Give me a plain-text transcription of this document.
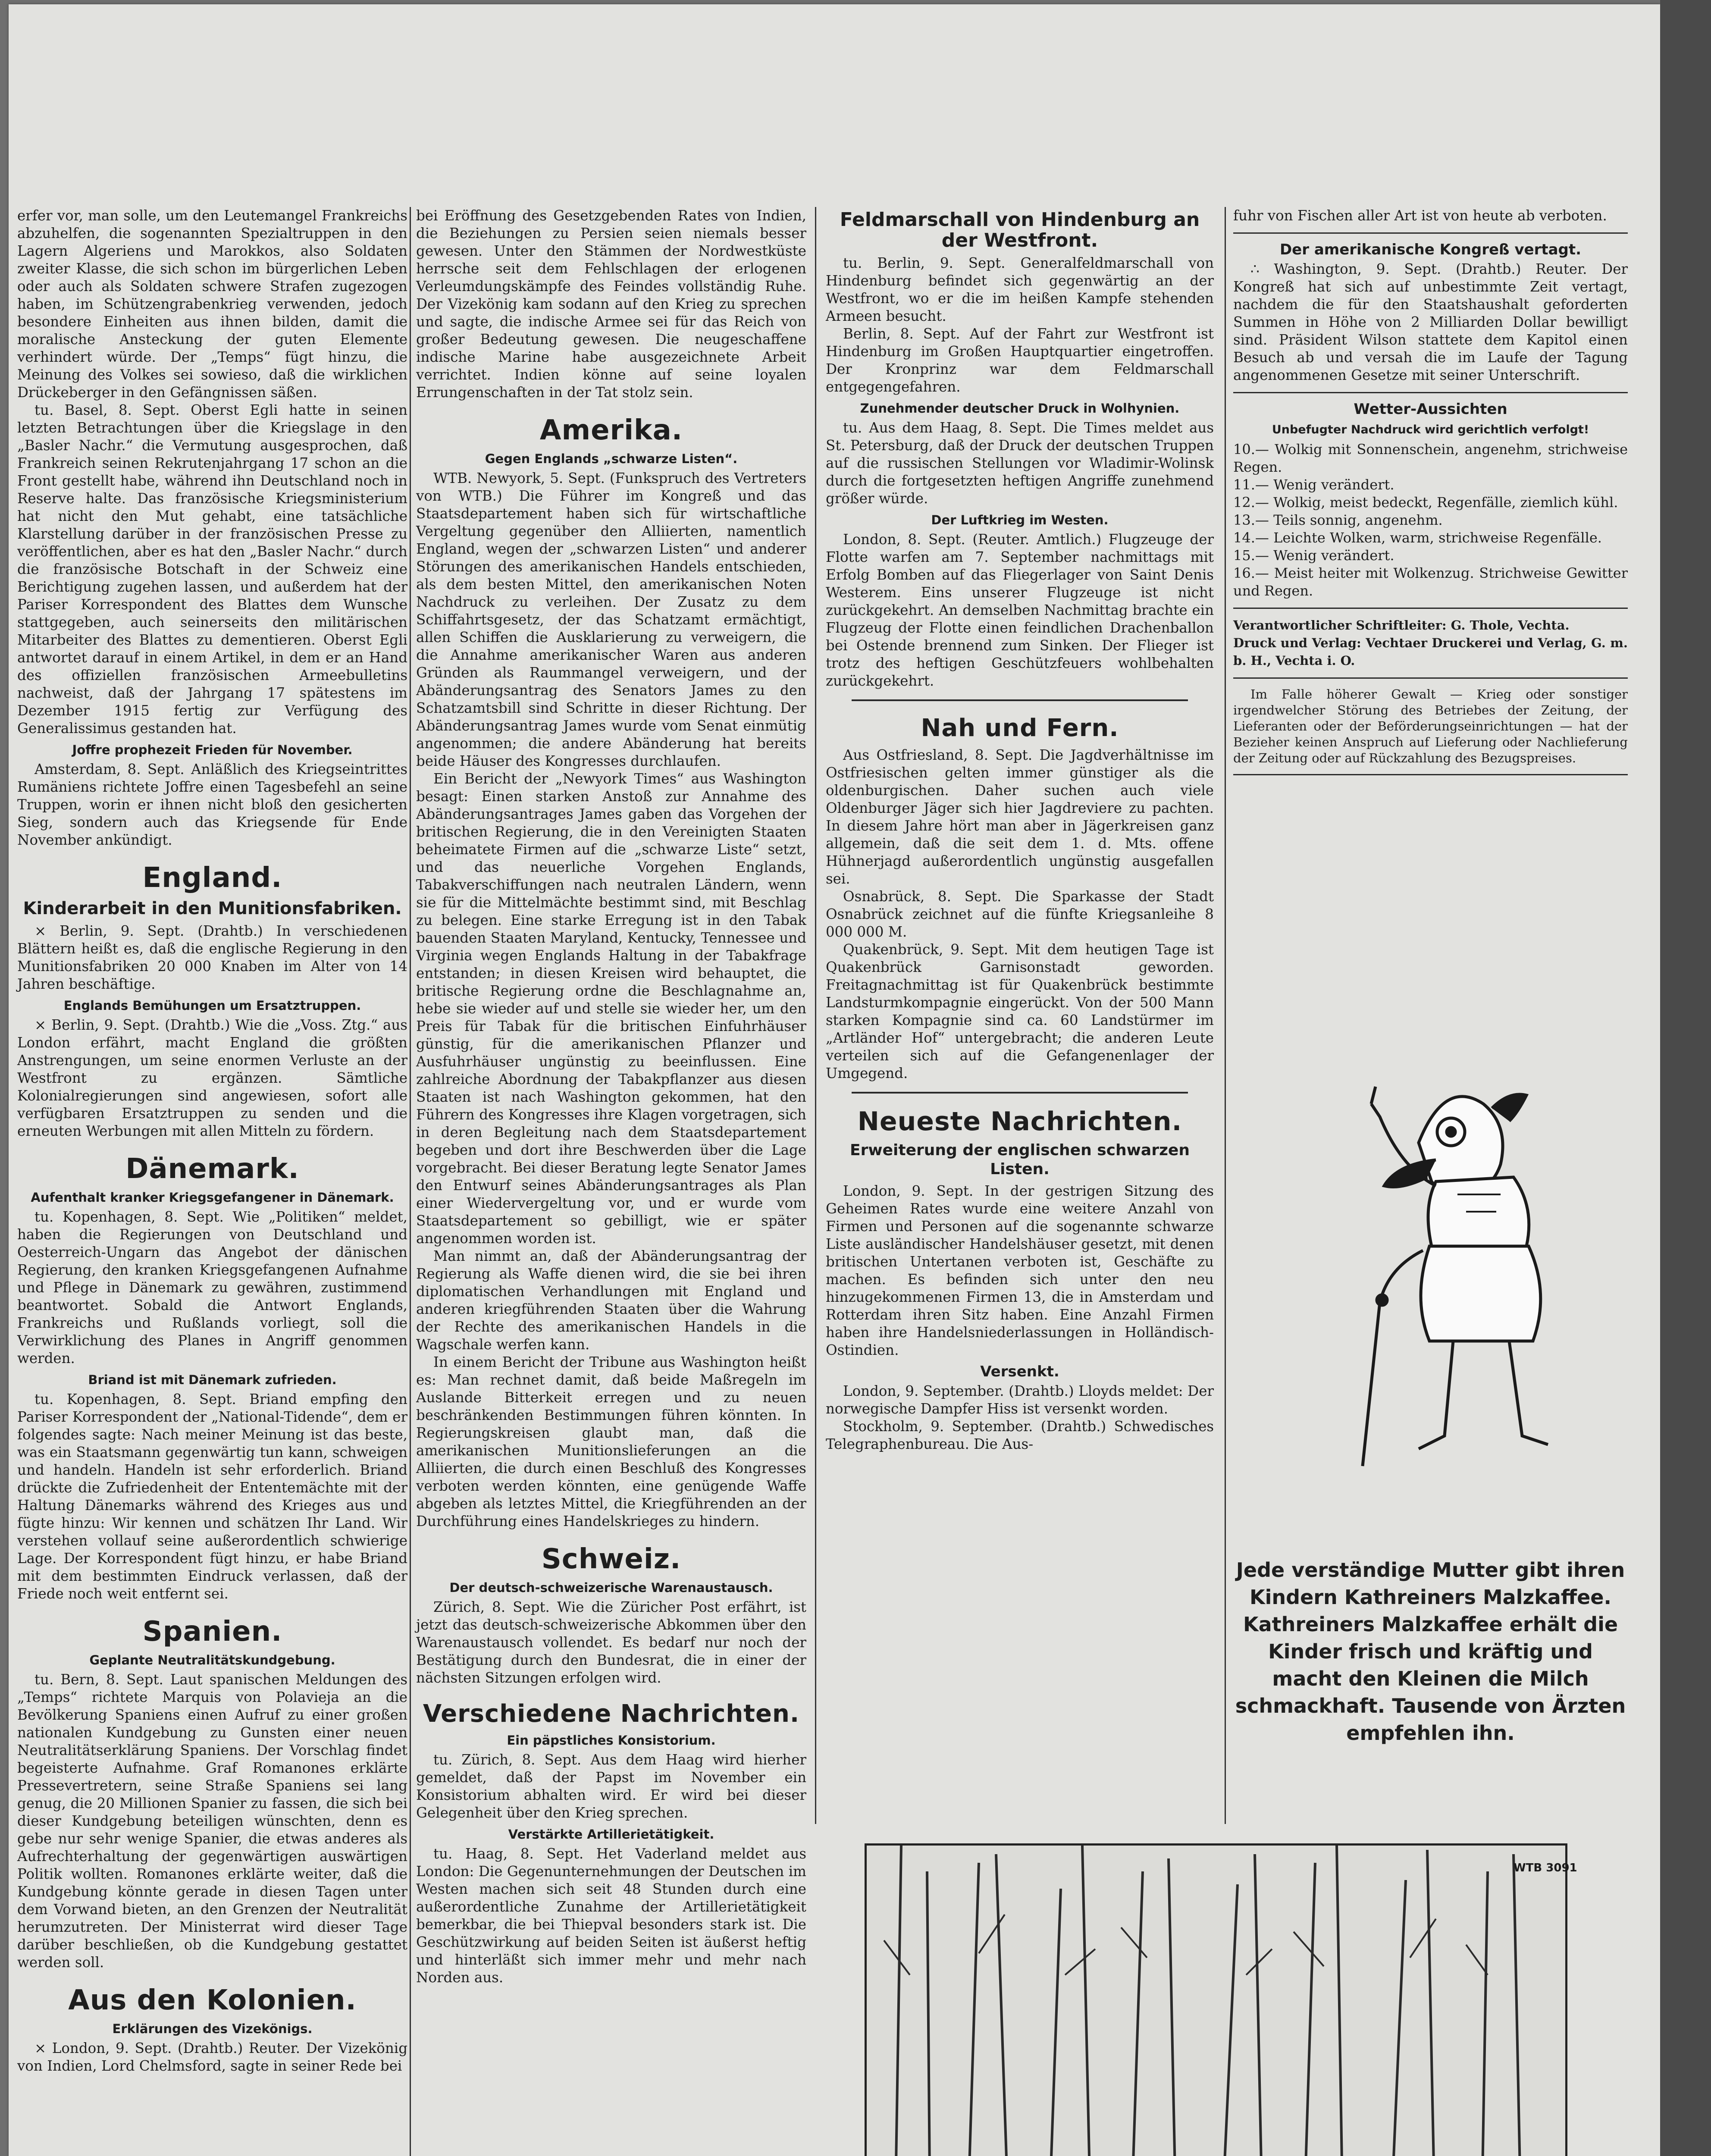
erfer vor, man solle, um den Leutemangel Frankreichs abzuhelfen, die sogenannten Spezialtruppen in den Lagern Algeriens und Marokkos, also Soldaten zweiter Klasse, die sich schon im bürgerlichen Leben oder auch als Soldaten schwere Strafen zugezogen haben, im Schützengrabenkrieg verwenden, jedoch besondere Einheiten aus ihnen bilden, damit die moralische Ansteckung der guten Elemente verhindert würde. Der „Temps“ fügt hinzu, die Meinung des Volkes sei sowieso, daß die wirklichen Drückeberger in den Gefängnissen säßen.

tu. Basel, 8. Sept. Oberst Egli hatte in seinen letzten Betrachtungen über die Kriegslage in den „Basler Nachr.“ die Vermutung ausgesprochen, daß Frankreich seinen Rekrutenjahrgang 17 schon an die Front gestellt habe, während ihn Deutschland noch in Reserve halte. Das französische Kriegsministerium hat nicht den Mut gehabt, eine tatsächliche Klarstellung darüber in der französischen Presse zu veröffentlichen, aber es hat den „Basler Nachr.“ durch die französische Botschaft in der Schweiz eine Berichtigung zugehen lassen, und außerdem hat der Pariser Korrespondent des Blattes dem Wunsche stattgegeben, auch seinerseits den militärischen Mitarbeiter des Blattes zu dementieren. Oberst Egli antwortet darauf in einem Artikel, in dem er an Hand des offiziellen französischen Armeebulletins nachweist, daß der Jahrgang 17 spätestens im Dezember 1915 fertig zur Verfügung des Generalissimus gestanden hat.

Joffre prophezeit Frieden für November.

Amsterdam, 8. Sept. Anläßlich des Kriegseintrittes Rumäniens richtete Joffre einen Tagesbefehl an seine Truppen, worin er ihnen nicht bloß den gesicherten Sieg, sondern auch das Kriegsende für Ende November ankündigt.

England.
Kinderarbeit in den Munitionsfabriken.

× Berlin, 9. Sept. (Drahtb.) In verschiedenen Blättern heißt es, daß die englische Regierung in den Munitionsfabriken 20 000 Knaben im Alter von 14 Jahren beschäftige.

Englands Bemühungen um Ersatztruppen.

× Berlin, 9. Sept. (Drahtb.) Wie die „Voss. Ztg.“ aus London erfährt, macht England die größten Anstrengungen, um seine enormen Verluste an der Westfront zu ergänzen. Sämtliche Kolonialregierungen sind angewiesen, sofort alle verfügbaren Ersatztruppen zu senden und die erneuten Werbungen mit allen Mitteln zu fördern.

Dänemark.
Aufenthalt kranker Kriegsgefangener in Dänemark.

tu. Kopenhagen, 8. Sept. Wie „Politiken“ meldet, haben die Regierungen von Deutschland und Oesterreich-Ungarn das Angebot der dänischen Regierung, den kranken Kriegsgefangenen Aufnahme und Pflege in Dänemark zu gewähren, zustimmend beantwortet. Sobald die Antwort Englands, Frankreichs und Rußlands vorliegt, soll die Verwirklichung des Planes in Angriff genommen werden.

Briand ist mit Dänemark zufrieden.

tu. Kopenhagen, 8. Sept. Briand empfing den Pariser Korrespondent der „National-Tidende“, dem er folgendes sagte: Nach meiner Meinung ist das beste, was ein Staatsmann gegenwärtig tun kann, schweigen und handeln. Handeln ist sehr erforderlich. Briand drückte die Zufriedenheit der Ententemächte mit der Haltung Dänemarks während des Krieges aus und fügte hinzu: Wir kennen und schätzen Ihr Land. Wir verstehen vollauf seine außerordentlich schwierige Lage. Der Korrespondent fügt hinzu, er habe Briand mit dem bestimmten Eindruck verlassen, daß der Friede noch weit entfernt sei.

Spanien.
Geplante Neutralitätskundgebung.

tu. Bern, 8. Sept. Laut spanischen Meldungen des „Temps“ richtete Marquis von Polavieja an die Bevölkerung Spaniens einen Aufruf zu einer großen nationalen Kundgebung zu Gunsten einer neuen Neutralitätserklärung Spaniens. Der Vorschlag findet begeisterte Aufnahme. Graf Romanones erklärte Pressevertretern, seine Straße Spaniens sei lang genug, die 20 Millionen Spanier zu fassen, die sich bei dieser Kundgebung beteiligen wünschten, denn es gebe nur sehr wenige Spanier, die etwas anderes als Aufrechterhaltung der gegenwärtigen auswärtigen Politik wollten. Romanones erklärte weiter, daß die Kundgebung könnte gerade in diesen Tagen unter dem Vorwand bieten, an den Grenzen der Neutralität herumzutreten. Der Ministerrat wird dieser Tage darüber beschließen, ob die Kundgebung gestattet werden soll.

Aus den Kolonien.
Erklärungen des Vizekönigs.

× London, 9. Sept. (Drahtb.) Reuter. Der Vizekönig von Indien, Lord Chelmsford, sagte in seiner Rede bei

bei Eröffnung des Gesetzgebenden Rates von Indien, die Beziehungen zu Persien seien niemals besser gewesen. Unter den Stämmen der Nordwestküste herrsche seit dem Fehlschlagen der erlogenen Verleumdungskämpfe des Feindes vollständig Ruhe. Der Vizekönig kam sodann auf den Krieg zu sprechen und sagte, die indische Armee sei für das Reich von großer Bedeutung gewesen. Die neugeschaffene indische Marine habe ausgezeichnete Arbeit verrichtet. Indien könne auf seine loyalen Errungenschaften in der Tat stolz sein.

Amerika.
Gegen Englands „schwarze Listen“.

WTB. Newyork, 5. Sept. (Funkspruch des Vertreters von WTB.) Die Führer im Kongreß und das Staatsdepartement haben sich für wirtschaftliche Vergeltung gegenüber den Alliierten, namentlich England, wegen der „schwarzen Listen“ und anderer Störungen des amerikanischen Handels entschieden, als dem besten Mittel, den amerikanischen Noten Nachdruck zu verleihen. Der Zusatz zu dem Schiffahrtsgesetz, der das Schatzamt ermächtigt, allen Schiffen die Ausklarierung zu verweigern, die die Annahme amerikanischer Waren aus anderen Gründen als Raummangel verweigern, und der Abänderungsantrag des Senators James zu den Schatzamtsbill sind Schritte in dieser Richtung. Der Abänderungsantrag James wurde vom Senat einmütig angenommen; die andere Abänderung hat bereits beide Häuser des Kongresses durchlaufen.

Ein Bericht der „Newyork Times“ aus Washington besagt: Einen starken Anstoß zur Annahme des Abänderungsantrages James gaben das Vorgehen der britischen Regierung, die in den Vereinigten Staaten beheimatete Firmen auf die „schwarze Liste“ setzt, und das neuerliche Vorgehen Englands, Tabakverschiffungen nach neutralen Ländern, wenn sie für die Mittelmächte bestimmt sind, mit Beschlag zu belegen. Eine starke Erregung ist in den Tabak bauenden Staaten Maryland, Kentucky, Tennessee und Virginia wegen Englands Haltung in der Tabakfrage entstanden; in diesen Kreisen wird behauptet, die britische Regierung ordne die Beschlagnahme an, hebe sie wieder auf und stelle sie wieder her, um den Preis für Tabak für die britischen Einfuhrhäuser günstig, für die amerikanischen Pflanzer und Ausfuhrhäuser ungünstig zu beeinflussen. Eine zahlreiche Abordnung der Tabakpflanzer aus diesen Staaten ist nach Washington gekommen, hat den Führern des Kongresses ihre Klagen vorgetragen, sich in deren Begleitung nach dem Staatsdepartement begeben und dort ihre Beschwerden über die Lage vorgebracht. Bei dieser Beratung legte Senator James den Entwurf seines Abänderungsantrages als Plan einer Wiedervergeltung vor, und er wurde vom Staatsdepartement so gebilligt, wie er später angenommen worden ist.

Man nimmt an, daß der Abänderungsantrag der Regierung als Waffe dienen wird, die sie bei ihren diplomatischen Verhandlungen mit England und anderen kriegführenden Staaten über die Wahrung der Rechte des amerikanischen Handels in die Wagschale werfen kann.

In einem Bericht der Tribune aus Washington heißt es: Man rechnet damit, daß beide Maßregeln im Auslande Bitterkeit erregen und zu neuen beschränkenden Bestimmungen führen könnten. In Regierungskreisen glaubt man, daß die amerikanischen Munitionslieferungen an die Alliierten, die durch einen Beschluß des Kongresses verboten werden könnten, eine genügende Waffe abgeben als letztes Mittel, die Kriegführenden an der Durchführung eines Handelskrieges zu hindern.

Schweiz.
Der deutsch-schweizerische Warenaustausch.

Zürich, 8. Sept. Wie die Züricher Post erfährt, ist jetzt das deutsch-schweizerische Abkommen über den Warenaustausch vollendet. Es bedarf nur noch der Bestätigung durch den Bundesrat, die in einer der nächsten Sitzungen erfolgen wird.

Verschiedene Nachrichten.
Ein päpstliches Konsistorium.

tu. Zürich, 8. Sept. Aus dem Haag wird hierher gemeldet, daß der Papst im November ein Konsistorium abhalten wird. Er wird bei dieser Gelegenheit über den Krieg sprechen.

Verstärkte Artillerietätigkeit.

tu. Haag, 8. Sept. Het Vaderland meldet aus London: Die Gegenunternehmungen der Deutschen im Westen machen sich seit 48 Stunden durch eine außerordentliche Zunahme der Artillerietätigkeit bemerkbar, die bei Thiepval besonders stark ist. Die Geschützwirkung auf beiden Seiten ist äußerst heftig und hinterläßt sich immer mehr und mehr nach Norden aus.

Feldmarschall von Hindenburg an der Westfront.

tu. Berlin, 9. Sept. Generalfeldmarschall von Hindenburg befindet sich gegenwärtig an der Westfront, wo er die im heißen Kampfe stehenden Armeen besucht.

Berlin, 8. Sept. Auf der Fahrt zur Westfront ist Hindenburg im Großen Hauptquartier eingetroffen. Der Kronprinz war dem Feldmarschall entgegengefahren.

Zunehmender deutscher Druck in Wolhynien.

tu. Aus dem Haag, 8. Sept. Die Times meldet aus St. Petersburg, daß der Druck der deutschen Truppen auf die russischen Stellungen vor Wladimir-Wolinsk durch die fortgesetzten heftigen Angriffe zunehmend größer würde.

Der Luftkrieg im Westen.

London, 8. Sept. (Reuter. Amtlich.) Flugzeuge der Flotte warfen am 7. September nachmittags mit Erfolg Bomben auf das Fliegerlager von Saint Denis Westerem. Eins unserer Flugzeuge ist nicht zurückgekehrt. An demselben Nachmittag brachte ein Flugzeug der Flotte einen feindlichen Drachenballon bei Ostende brennend zum Sinken. Der Flieger ist trotz des heftigen Geschützfeuers wohlbehalten zurückgekehrt.

Nah und Fern.

Aus Ostfriesland, 8. Sept. Die Jagdverhältnisse im Ostfriesischen gelten immer günstiger als die oldenburgischen. Daher suchen auch viele Oldenburger Jäger sich hier Jagdreviere zu pachten. In diesem Jahre hört man aber in Jägerkreisen ganz allgemein, daß die seit dem 1. d. Mts. offene Hühnerjagd außerordentlich ungünstig ausgefallen sei.

Osnabrück, 8. Sept. Die Sparkasse der Stadt Osnabrück zeichnet auf die fünfte Kriegsanleihe 8 000 000 M.

Quakenbrück, 9. Sept. Mit dem heutigen Tage ist Quakenbrück Garnisonstadt geworden. Freitagnachmittag ist für Quakenbrück bestimmte Landsturmkompagnie eingerückt. Von der 500 Mann starken Kompagnie sind ca. 60 Landstürmer im „Artländer Hof“ untergebracht; die anderen Leute verteilen sich auf die Gefangenenlager der Umgegend.

Neueste Nachrichten.
Erweiterung der englischen schwarzen Listen.

London, 9. Sept. In der gestrigen Sitzung des Geheimen Rates wurde eine weitere Anzahl von Firmen und Personen auf die sogenannte schwarze Liste ausländischer Handelshäuser gesetzt, mit denen britischen Untertanen verboten ist, Geschäfte zu machen. Es befinden sich unter den neu hinzugekommenen Firmen 13, die in Amsterdam und Rotterdam ihren Sitz haben. Eine Anzahl Firmen haben ihre Handelsniederlassungen in Holländisch-Ostindien.

Versenkt.

London, 9. September. (Drahtb.) Lloyds meldet: Der norwegische Dampfer Hiss ist versenkt worden.

Stockholm, 9. September. (Drahtb.) Schwedisches Telegraphenbureau. Die Aus-

fuhr von Fischen aller Art ist von heute ab verboten.

Der amerikanische Kongreß vertagt.

∴ Washington, 9. Sept. (Drahtb.) Reuter. Der Kongreß hat sich auf unbestimmte Zeit vertagt, nachdem die für den Staatshaushalt geforderten Summen in Höhe von 2 Milliarden Dollar bewilligt sind. Präsident Wilson stattete dem Kapitol einen Besuch ab und versah die im Laufe der Tagung angenommenen Gesetze mit seiner Unterschrift.

Wetter-Aussichten
Unbefugter Nachdruck wird gerichtlich verfolgt!

10.— Wolkig mit Sonnenschein, angenehm, strichweise Regen.

11.— Wenig verändert.

12.— Wolkig, meist bedeckt, Regenfälle, ziemlich kühl.

13.— Teils sonnig, angenehm.

14.— Leichte Wolken, warm, strichweise Regenfälle.

15.— Wenig verändert.

16.— Meist heiter mit Wolkenzug. Strichweise Gewitter und Regen.

Verantwortlicher Schriftleiter: G. Thole, Vechta.

Druck und Verlag: Vechtaer Druckerei und Verlag, G. m. b. H., Vechta i. O.

Im Falle höherer Gewalt — Krieg oder sonstiger irgendwelcher Störung des Betriebes der Zeitung, der Lieferanten oder der Beförderungseinrichtungen — hat der Bezieher keinen Anspruch auf Lieferung oder Nachlieferung der Zeitung oder auf Rückzahlung des Bezugspreises.

Jede verständige Mutter gibt ihren Kindern Kathreiners Malzkaffee. Kathreiners Malzkaffee erhält die Kinder frisch und kräftig und macht den Kleinen die Milch schmackhaft. Tausende von Ärzten empfehlen ihn.
WTB 3091
